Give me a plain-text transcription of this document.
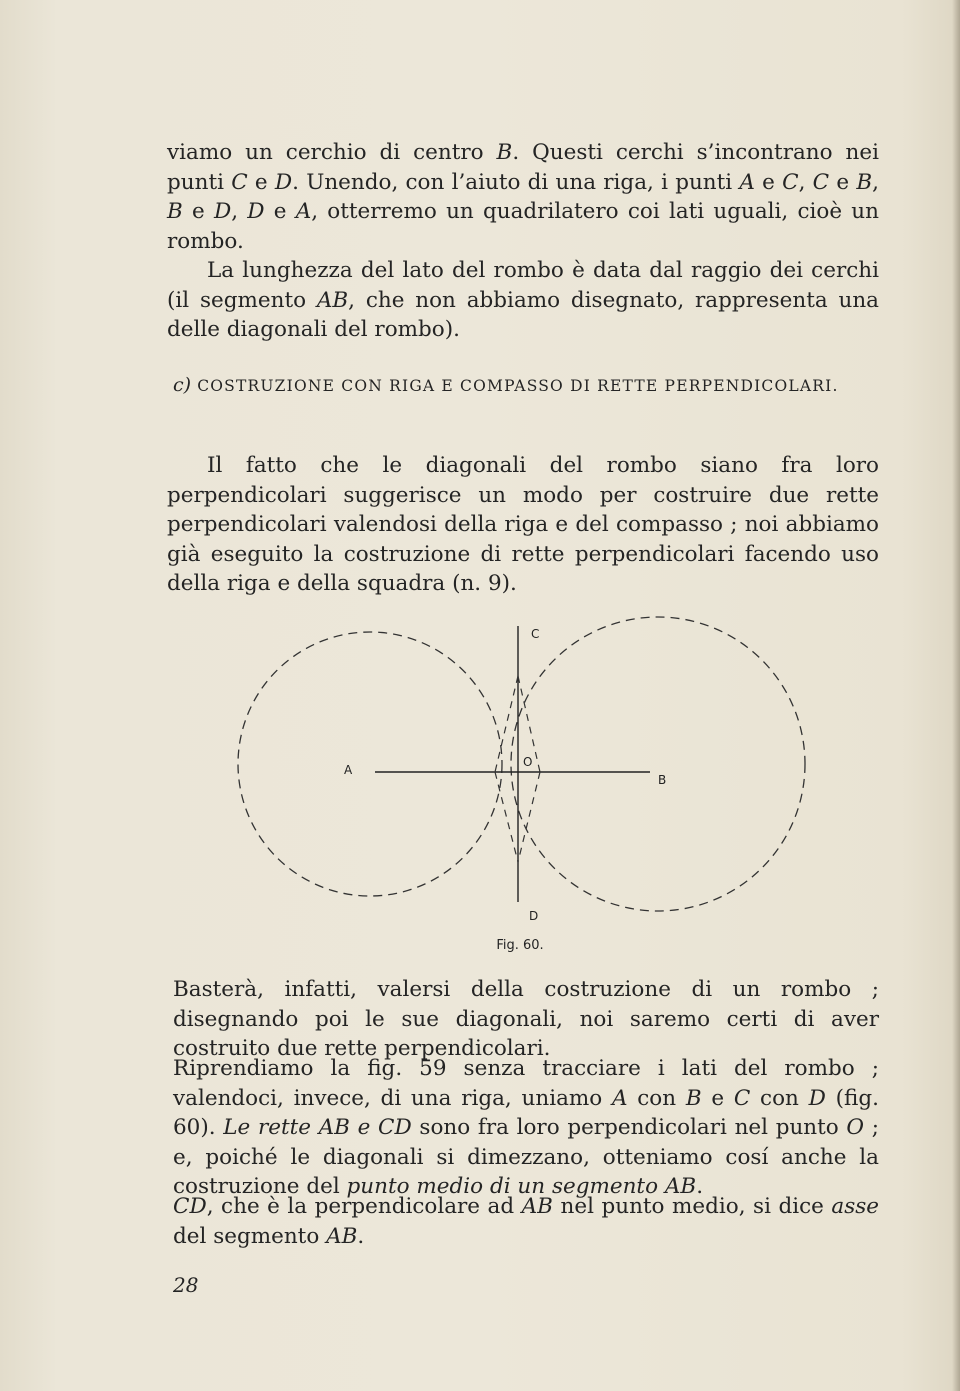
viamo un cerchio di centro B. Questi cerchi s’incontrano nei punti C e D. Unendo, con l’aiuto di una riga, i punti A e C, C e B, B e D, D e A, otterremo un quadrilatero coi lati uguali, cioè un rombo.

La lunghezza del lato del rombo è data dal raggio dei cerchi (il segmento AB, che non abbiamo disegnato, rappresenta una delle diagonali del rombo).

c) COSTRUZIONE CON RIGA E COMPASSO DI RETTE PERPENDICOLARI.

Il fatto che le diagonali del rombo siano fra loro perpendicolari suggerisce un modo per costruire due rette perpendicolari valendosi della riga e del compasso ; noi abbiamo già eseguito la costruzione di rette perpendicolari facendo uso della riga e della squadra (n. 9).

A
B
C
D
O
Fig. 60.

Basterà, infatti, valersi della costruzione di un rombo ; disegnando poi le sue diagonali, noi saremo certi di aver costruito due rette perpendicolari.

Riprendiamo la fig. 59 senza tracciare i lati del rombo ; valendoci, invece, di una riga, uniamo A con B e C con D (fig. 60). Le rette AB e CD sono fra loro perpendicolari nel punto O ; e, poiché le diagonali si dimezzano, otteniamo cosí anche la costruzione del punto medio di un segmento AB.

CD, che è la perpendicolare ad AB nel punto medio, si dice asse del segmento AB.

28
